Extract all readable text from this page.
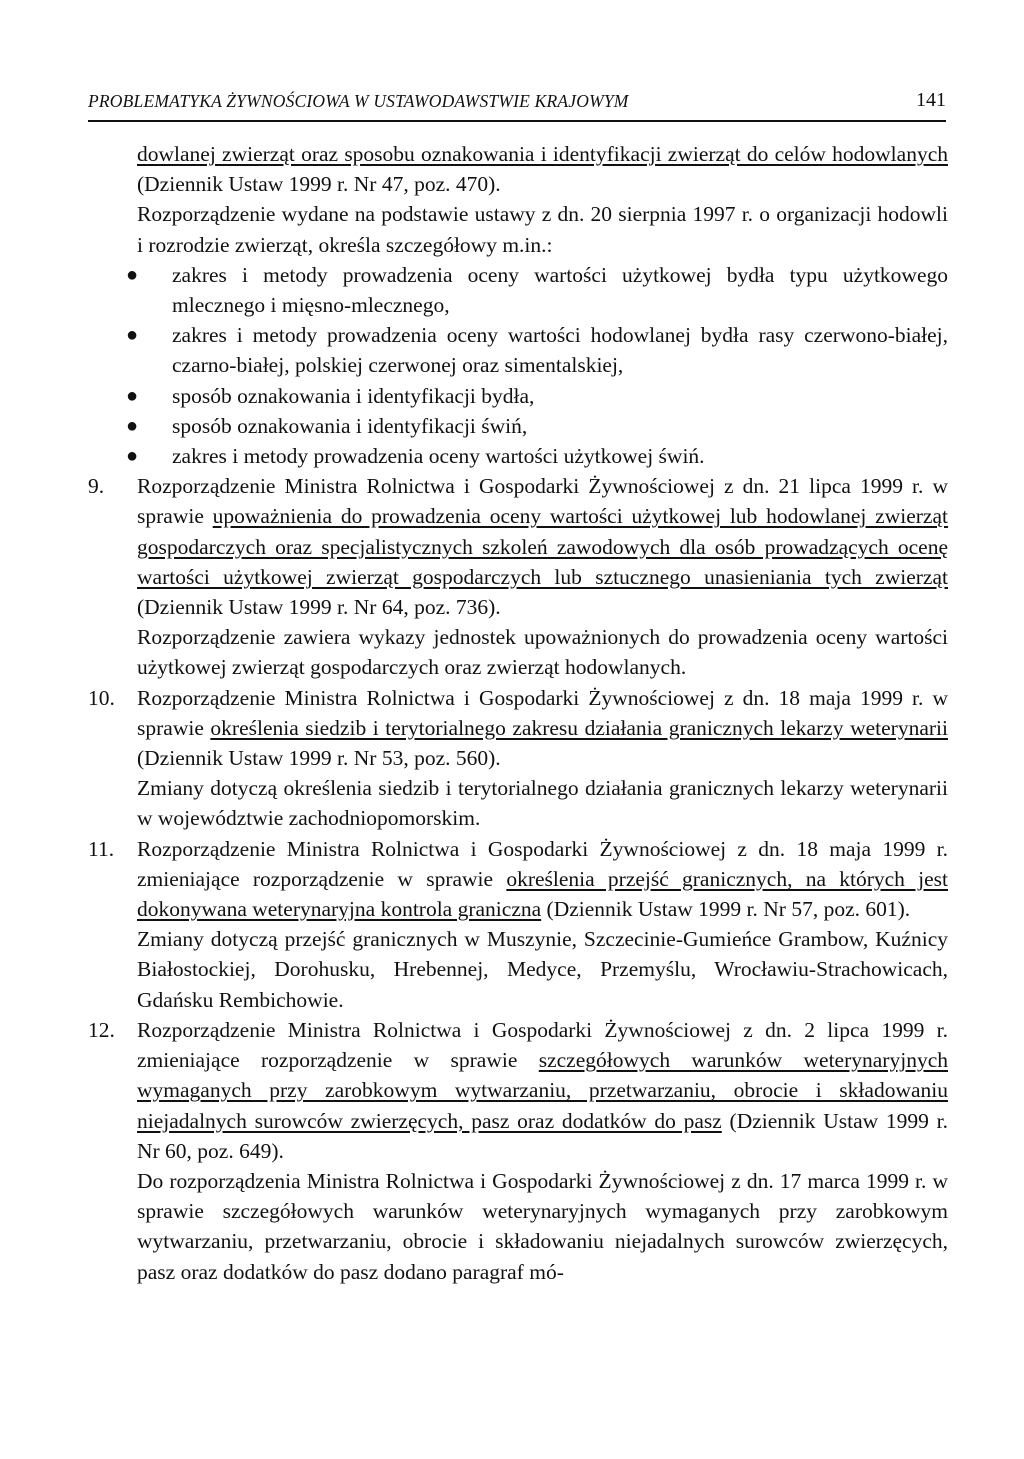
PROBLEMATYKA ŻYWNOŚCIOWA W USTAWODAWSTWIE KRAJOWYM	141

dowlanej zwierząt oraz sposobu oznakowania i identyfikacji zwierząt do celów hodowlanych (Dziennik Ustaw 1999 r. Nr 47, poz. 470).

Rozporządzenie wydane na podstawie ustawy z dn. 20 sierpnia 1997 r. o organizacji hodowli i rozrodzie zwierząt, określa szczegółowy m.in.:

● zakres i metody prowadzenia oceny wartości użytkowej bydła typu użytkowego mlecznego i mięsno-mlecznego,
● zakres i metody prowadzenia oceny wartości hodowlanej bydła rasy czerwono-białej, czarno-białej, polskiej czerwonej oraz simentalskiej,
● sposób oznakowania i identyfikacji bydła,
● sposób oznakowania i identyfikacji świń,
● zakres i metody prowadzenia oceny wartości użytkowej świń.
9. Rozporządzenie Ministra Rolnictwa i Gospodarki Żywnościowej z dn. 21 lipca 1999 r. w sprawie upoważnienia do prowadzenia oceny wartości użytkowej lub hodowlanej zwierząt gospodarczych oraz specjalistycznych szkoleń zawodowych dla osób prowadzących ocenę wartości użytkowej zwierząt gospodarczych lub sztucznego unasieniania tych zwierząt (Dziennik Ustaw 1999 r. Nr 64, poz. 736).
Rozporządzenie zawiera wykazy jednostek upoważnionych do prowadzenia oceny wartości użytkowej zwierząt gospodarczych oraz zwierząt hodowlanych.
10. Rozporządzenie Ministra Rolnictwa i Gospodarki Żywnościowej z dn. 18 maja 1999 r. w sprawie określenia siedzib i terytorialnego zakresu działania granicznych lekarzy weterynarii (Dziennik Ustaw 1999 r. Nr 53, poz. 560).
Zmiany dotyczą określenia siedzib i terytorialnego działania granicznych lekarzy weterynarii w województwie zachodniopomorskim.
11. Rozporządzenie Ministra Rolnictwa i Gospodarki Żywnościowej z dn. 18 maja 1999 r. zmieniające rozporządzenie w sprawie określenia przejść granicznych, na których jest dokonywana weterynaryjna kontrola graniczna (Dziennik Ustaw 1999 r. Nr 57, poz. 601).
Zmiany dotyczą przejść granicznych w Muszynie, Szczecinie-Gumieńce Grambow, Kuźnicy Białostockiej, Dorohusku, Hrebennej, Medyce, Przemyślu, Wrocławiu-Strachowicach, Gdańsku Rembichowie.
12. Rozporządzenie Ministra Rolnictwa i Gospodarki Żywnościowej z dn. 2 lipca 1999 r. zmieniające rozporządzenie w sprawie szczegółowych warunków weterynaryjnych wymaganych przy zarobkowym wytwarzaniu, przetwarzaniu, obrocie i składowaniu niejadalnych surowców zwierzęcych, pasz oraz dodatków do pasz (Dziennik Ustaw 1999 r. Nr 60, poz. 649).
Do rozporządzenia Ministra Rolnictwa i Gospodarki Żywnościowej z dn. 17 marca 1999 r. w sprawie szczegółowych warunków weterynaryjnych wymaganych przy zarobkowym wytwarzaniu, przetwarzaniu, obrocie i składowaniu niejadalnych surowców zwierzęcych, pasz oraz dodatków do pasz dodano paragraf mó-
